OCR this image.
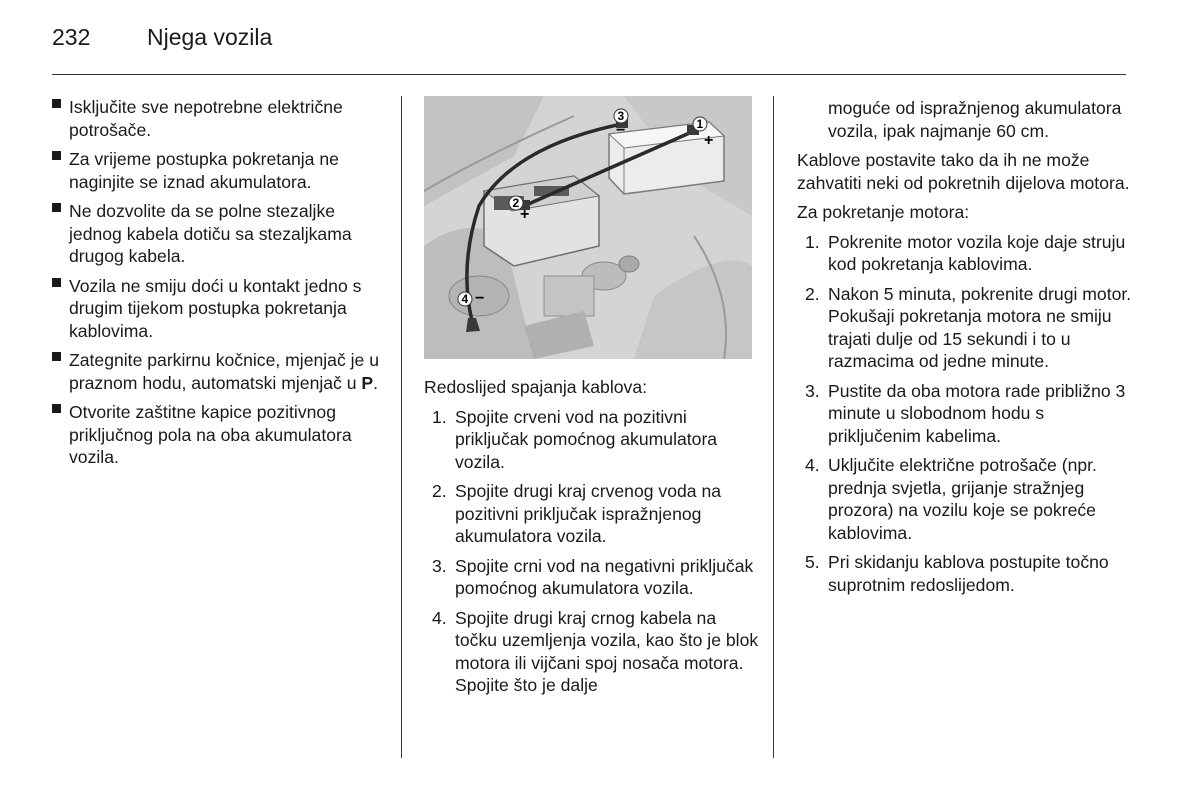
232 Njega vozila
Isključite sve nepotrebne električne potrošače.
Za vrijeme postupka pokretanja ne naginjite se iznad akumulatora.
Ne dozvolite da se polne stezaljke jednog kabela dotiču sa stezaljkama drugog kabela.
Vozila ne smiju doći u kontakt jedno s drugim tijekom postupka pokretanja kablovima.
Zategnite parkirnu kočnice, mjenjač je u praznom hodu, automatski mjenjač u P.
Otvorite zaštitne kapice pozitivnog priključnog pola na oba akumulatora vozila.
1
+
3
−
2
+
4 −

Redoslijed spajanja kablova:

1. Spojite crveni vod na pozitivni priključak pomoćnog akumulatora vozila.
2. Spojite drugi kraj crvenog voda na pozitivni priključak ispražnjenog akumulatora vozila.
3. Spojite crni vod na negativni priključak pomoćnog akumulatora vozila.
4. Spojite drugi kraj crnog kabela na točku uzemljenja vozila, kao što je blok motora ili vijčani spoj nosača motora. Spojite što je dalje
moguće od ispražnjenog akumulatora vozila, ipak najmanje 60 cm.

Kablove postavite tako da ih ne može zahvatiti neki od pokretnih dijelova motora.

Za pokretanje motora:

1. Pokrenite motor vozila koje daje struju kod pokretanja kablovima.
2. Nakon 5 minuta, pokrenite drugi motor. Pokušaji pokretanja motora ne smiju trajati dulje od 15 sekundi i to u razmacima od jedne minute.
3. Pustite da oba motora rade približno 3 minute u slobodnom hodu s priključenim kabelima.
4. Uključite električne potrošače (npr. prednja svjetla, grijanje stražnjeg prozora) na vozilu koje se pokreće kablovima.
5. Pri skidanju kablova postupite točno suprotnim redoslijedom.
